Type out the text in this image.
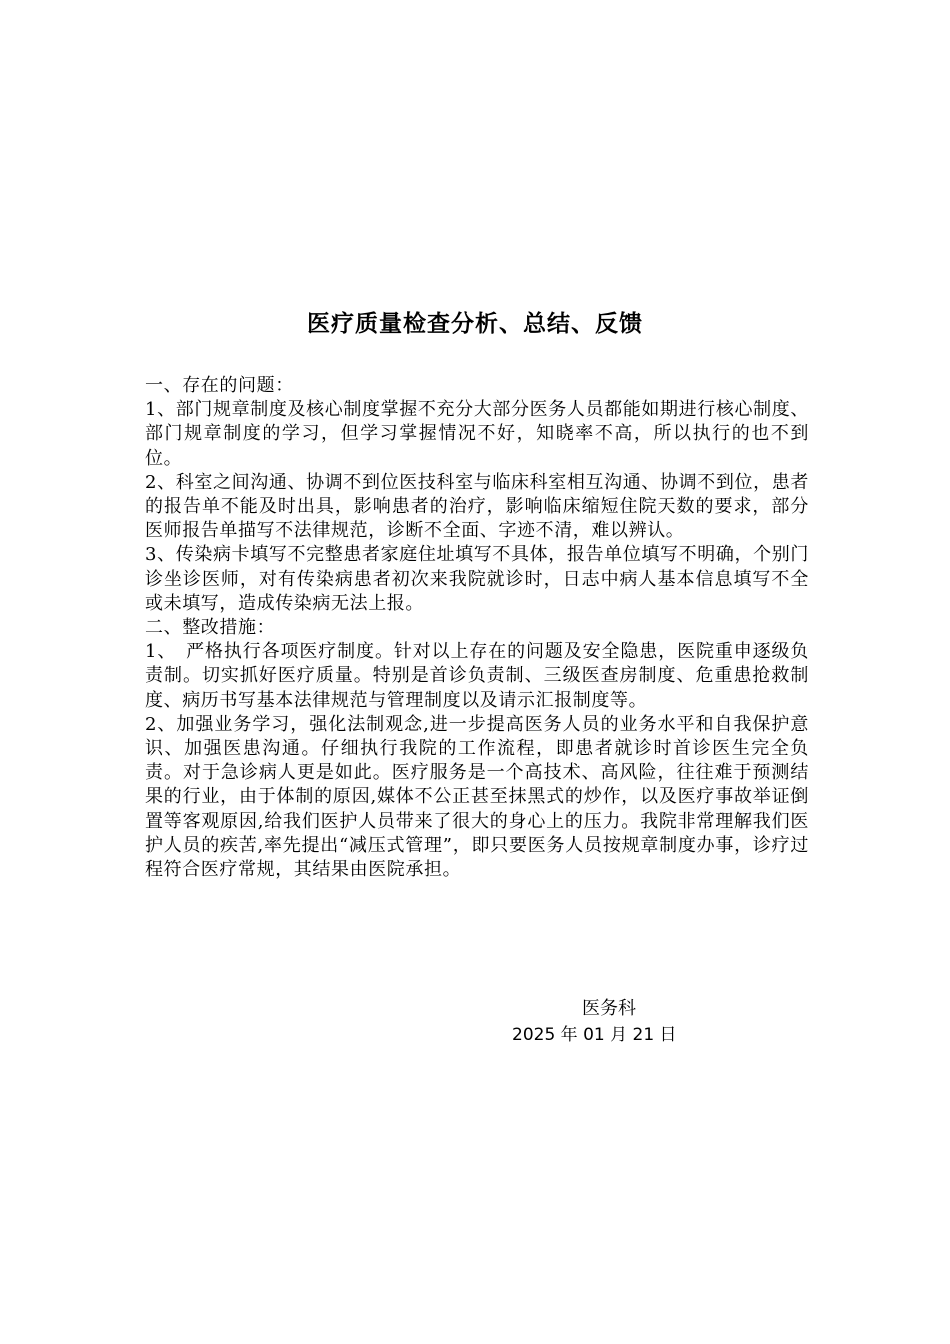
医疗质量检查分析、总结、反馈

一、存在的问题：

1、部门规章制度及核心制度掌握不充分大部分医务人员都能如期进行核心制度、部门规章制度的学习，但学习掌握情况不好，知晓率不高，所以执行的也不到位。

2、科室之间沟通、协调不到位医技科室与临床科室相互沟通、协调不到位，患者的报告单不能及时出具，影响患者的治疗，影响临床缩短住院天数的要求，部分医师报告单描写不法律规范，诊断不全面、字迹不清，难以辨认。

3、传染病卡填写不完整患者家庭住址填写不具体，报告单位填写不明确，个别门诊坐诊医师，对有传染病患者初次来我院就诊时，日志中病人基本信息填写不全或未填写，造成传染病无法上报。

二、整改措施：

1、　严格执行各项医疗制度。针对以上存在的问题及安全隐患，医院重申逐级负责制。切实抓好医疗质量。特别是首诊负责制、三级医查房制度、危重患抢救制度、病历书写基本法律规范与管理制度以及请示汇报制度等。

2、加强业务学习，强化法制观念,进一步提高医务人员的业务水平和自我保护意识、加强医患沟通。仔细执行我院的工作流程，即患者就诊时首诊医生完全负责。对于急诊病人更是如此。医疗服务是一个高技术、高风险，往往难于预测结果的行业，由于体制的原因,媒体不公正甚至抹黑式的炒作，以及医疗事故举证倒置等客观原因,给我们医护人员带来了很大的身心上的压力。我院非常理解我们医护人员的疾苦,率先提出“减压式管理”，即只要医务人员按规章制度办事，诊疗过程符合医疗常规，其结果由医院承担。

医务科
2025 年 01 月 21 日
